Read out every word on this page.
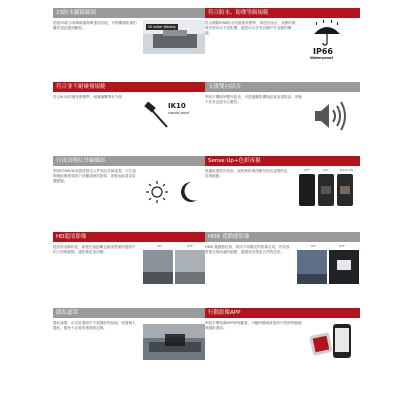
2S防水攝錄鏡頭
搭配2S防水與單鏡頭與單畫面功能，可將攝錄影像拍攝的超清畫面觀看。	50 meter Wading
符合防水、防塵等級規範
符合國際IP66防水防塵最高標準，即使在雨水、灰塵的環境中使用亦不受影響，讓您可以享受各種戶外活動的樂趣。
IP66
Waterproof
符合並不耐碰撞規範
符合IK10防撞等級標準，耐撞撞擊專有外殼
IK10
vandal proof
支援雙向語音
利用手機即時雙向語音，可透過攝影機與訪客直接對話，即使不在家也能安心應答。
日夜切換紅外線攝影
利用STARVIS高感度感光元件與紅外線夜視，可在夜間與低照度環境下拍攝清晰的影像，夜晚也能看見周遭動態。
Sense Up+色彩夜視
透過低照度的技術，能夠使影像清晰呈現出夜間的色彩與細節。
OFF	ON	PLUS ON
HD超清影像
提供高清解析度，即使在遠距離也能清楚識別畫面中的人物與細節，讓影像更加清晰。
ON	OFF
HDR 寬動態影像
HDR 寬動態技術，利用不同曝光的影像合成，有效改善強光與暗處的細節，讓畫面呈現更自然的色彩。
ON	OFF
隱私遮罩
隱私遮罩，可自訂畫面中不需錄影的區域，保護個人隱私，避免不必要的畫面被記錄。
行動影像APP
利用手機免費APP即時觀看，可隨時隨地掌握家中的即時動態與錄影畫面。
